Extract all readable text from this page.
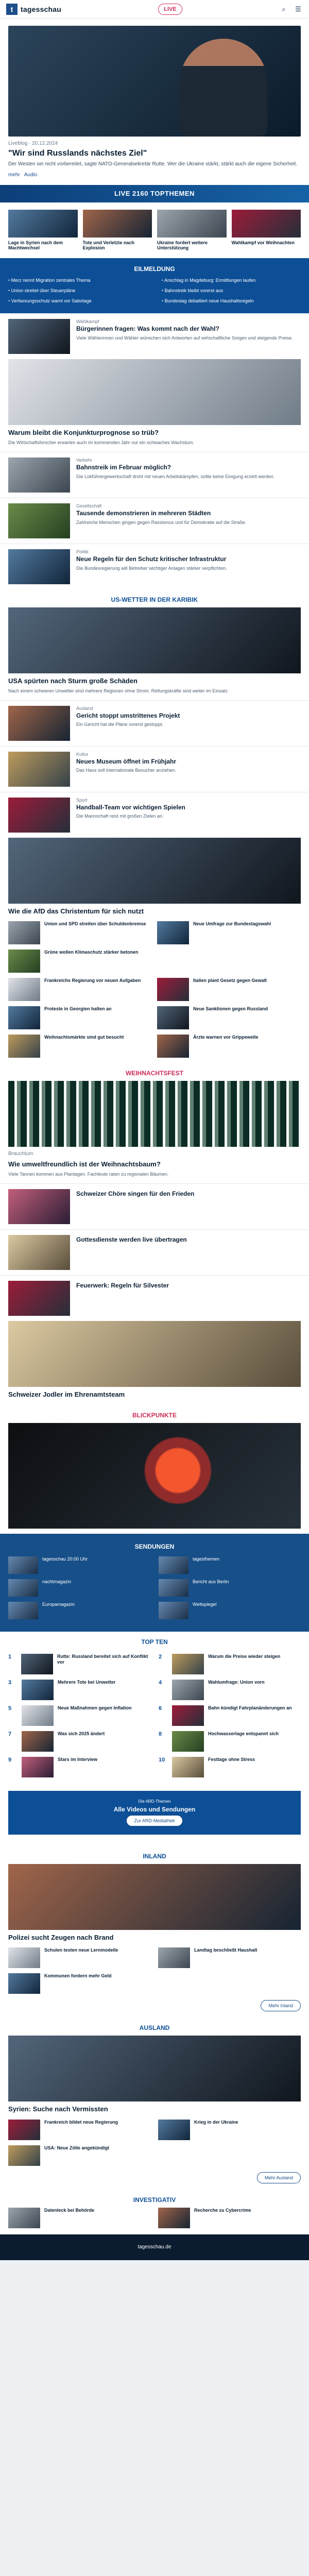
t	tagesschau	LIVE	⌕	☰
Liveblog · 20.12.2024
"Wir sind Russlands nächstes Ziel"
Der Westen sei nicht vorbereitet, sagte NATO-Generalsekretär Rutte. Wer die Ukraine stärkt, stärkt auch die eigene Sicherheit.
mehr Audio
LIVE 2160 TOPTHEMEN
Lage in Syrien nach dem Machtwechsel
Tote und Verletzte nach Explosion
Ukraine fordert weitere Unterstützung
Wahlkampf vor Weihnachten
EILMELDUNG
• Merz nennt Migration zentrales Thema	• Anschlag in Magdeburg: Ermittlungen laufen
• Union streitet über Steuerpläne	• Bahnstreik bleibt vorerst aus
• Verfassungsschutz warnt vor Sabotage	• Bundestag debattiert neue Haushaltsregeln
Wahlkampf
Bürgerinnen fragen: Was kommt nach der Wahl?
Viele Wählerinnen und Wähler wünschen sich Antworten auf wirtschaftliche Sorgen und steigende Preise.
Warum bleibt die Konjunkturprognose so trüb?
Die Wirtschaftsforscher erwarten auch im kommenden Jahr nur ein schwaches Wachstum.
Verkehr
Bahnstreik im Februar möglich?
Die Lokführergewerkschaft droht mit neuen Arbeitskämpfen, sollte keine Einigung erzielt werden.
Gesellschaft
Tausende demonstrieren in mehreren Städten
Zahlreiche Menschen gingen gegen Rassismus und für Demokratie auf die Straße.
Politik
Neue Regeln für den Schutz kritischer Infrastruktur
Die Bundesregierung will Betreiber wichtiger Anlagen stärker verpflichten.
US-WETTER IN DER KARIBIK
USA spürten nach Sturm große Schäden
Nach einem schweren Unwetter sind mehrere Regionen ohne Strom. Rettungskräfte sind weiter im Einsatz.
Ausland
Gericht stoppt umstrittenes Projekt
Ein Gericht hat die Pläne vorerst gestoppt.
Kultur
Neues Museum öffnet im Frühjahr
Das Haus soll internationale Besucher anziehen.
Sport
Handball-Team vor wichtigen Spielen
Die Mannschaft reist mit großen Zielen an.
Wie die AfD das Christentum für sich nutzt
Union und SPD streiten über Schuldenbremse	Neue Umfrage zur Bundestagswahl
Grüne wollen Klimaschutz stärker betonen
Frankreichs Regierung vor neuen Aufgaben	Italien plant Gesetz gegen Gewalt
Proteste in Georgien halten an	Neue Sanktionen gegen Russland
Weihnachtsmärkte sind gut besucht	Ärzte warnen vor Grippewelle
WEIHNACHTSFEST
Brauchtum
Wie umweltfreundlich ist der Weihnachtsbaum?
Viele Tannen kommen aus Plantagen. Fachleute raten zu regionalen Bäumen.
Schweizer Chöre singen für den Frieden
Gottesdienste werden live übertragen
Feuerwerk: Regeln für Silvester
Schweizer Jodler im Ehrenamtsteam
BLICKPUNKTE
SENDUNGEN
tagesschau 20:00 Uhr	tagesthemen
nachtmagazin	Bericht aus Berlin
Europamagazin	Weltspiegel
TOP TEN
1	Rutte: Russland bereitet sich auf Konflikt vor
2	Warum die Preise wieder steigen
3	Mehrere Tote bei Unwetter	4	Wahlumfrage: Union vorn
5	Neue Maßnahmen gegen Inflation	6	Bahn kündigt Fahrplanänderungen an
7	Was sich 2025 ändert	8	Hochwasserlage entspannt sich
9	Stars im Interview	10	Festtage ohne Stress
Die ARD-Themen
Alle Videos und Sendungen
Zur ARD-Mediathek
INLAND
Polizei sucht Zeugen nach Brand
Schulen testen neue Lernmodelle	Landtag beschließt Haushalt
Kommunen fordern mehr Geld
Mehr Inland
AUSLAND
Syrien: Suche nach Vermissten
Frankreich bildet neue Regierung	Krieg in der Ukraine
USA: Neue Zölle angekündigt
Mehr Ausland
INVESTIGATIV
Datenleck bei Behörde	Recherche zu Cybercrime
tagesschau.de
